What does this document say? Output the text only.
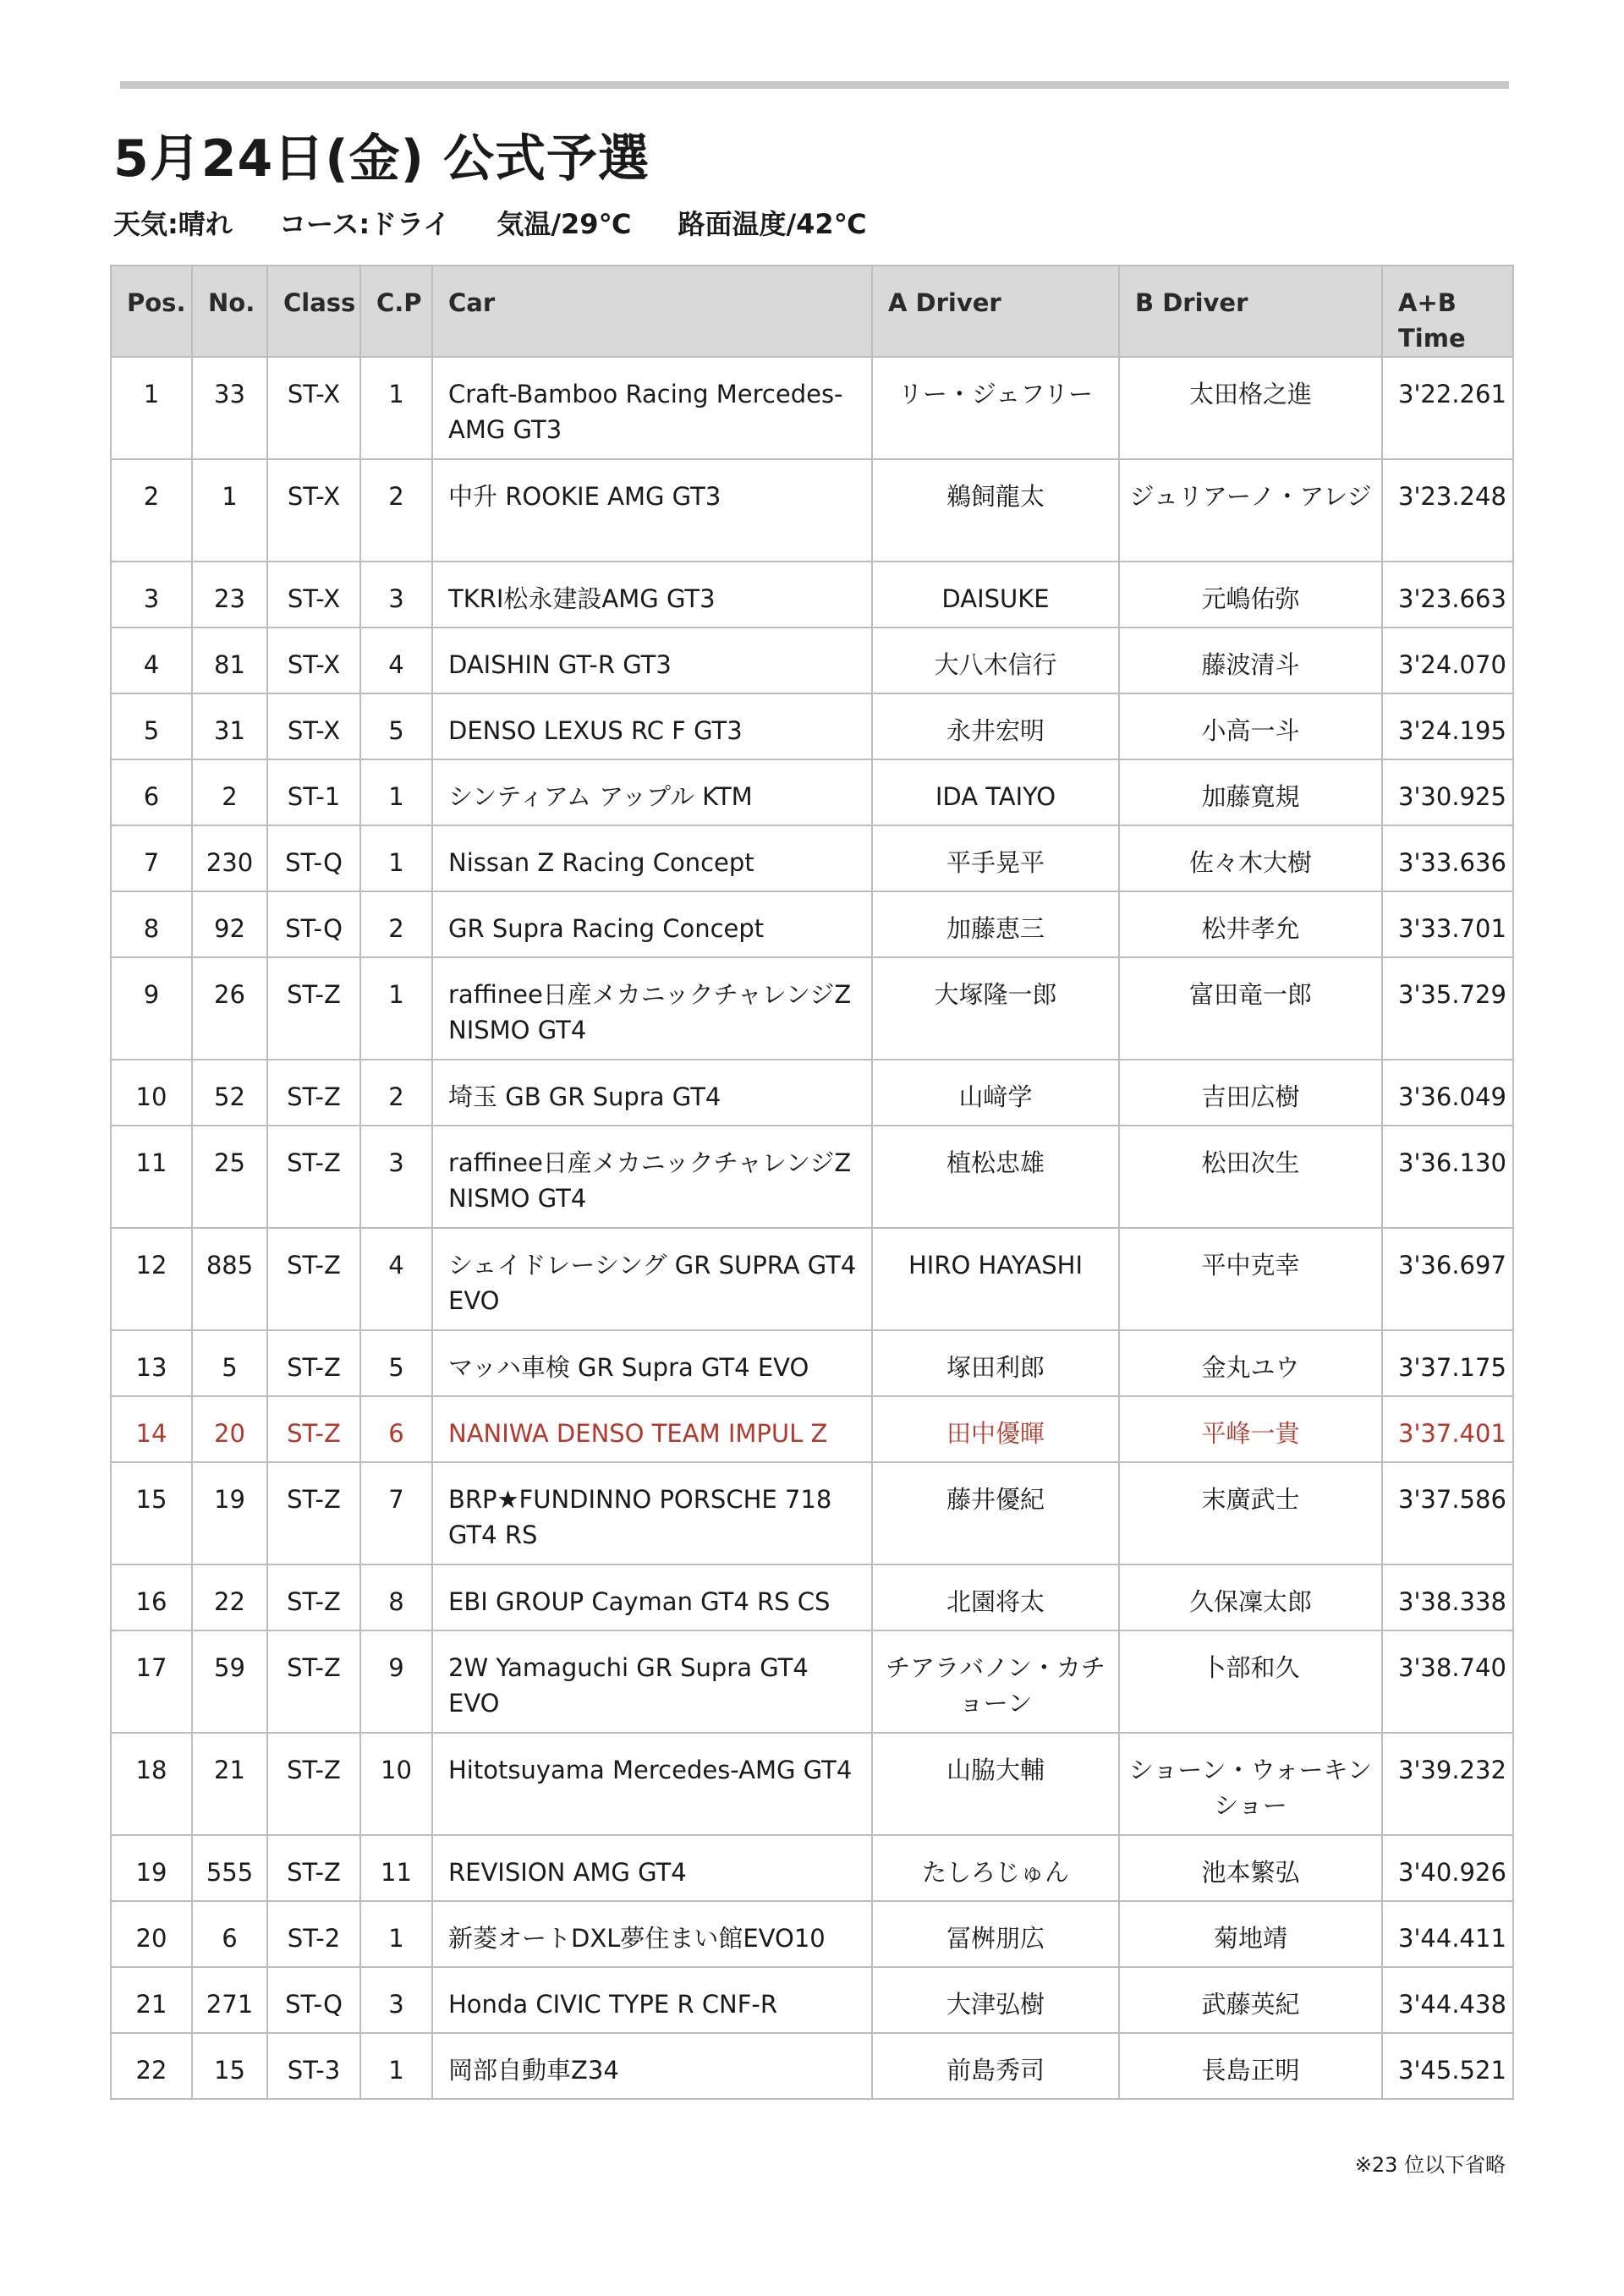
5月24日(金) 公式予選
天気:晴れ コース:ドライ 気温/29℃ 路面温度/42℃
Pos.	No.	Class	C.P	Car	A Driver	B Driver	A+B Time
1	33	ST-X	1	Craft-Bamboo Racing Mercedes-AMG GT3	リー・ジェフリー	太田格之進	3'22.261
2	1	ST-X	2	中升 ROOKIE AMG GT3	鵜飼龍太	ジュリアーノ・アレジ	3'23.248
3	23	ST-X	3	TKRI松永建設AMG GT3	DAISUKE	元嶋佑弥	3'23.663
4	81	ST-X	4	DAISHIN GT-R GT3	大八木信行	藤波清斗	3'24.070
5	31	ST-X	5	DENSO LEXUS RC F GT3	永井宏明	小高一斗	3'24.195
6	2	ST-1	1	シンティアム アップル KTM	IDA TAIYO	加藤寛規	3'30.925
7	230	ST-Q	1	Nissan Z Racing Concept	平手晃平	佐々木大樹	3'33.636
8	92	ST-Q	2	GR Supra Racing Concept	加藤恵三	松井孝允	3'33.701
9	26	ST-Z	1	raffinee日産メカニックチャレンジZ NISMO GT4	大塚隆一郎	富田竜一郎	3'35.729
10	52	ST-Z	2	埼玉 GB GR Supra GT4	山﨑学	吉田広樹	3'36.049
11	25	ST-Z	3	raffinee日産メカニックチャレンジZ NISMO GT4	植松忠雄	松田次生	3'36.130
12	885	ST-Z	4	シェイドレーシング GR SUPRA GT4 EVO	HIRO HAYASHI	平中克幸	3'36.697
13	5	ST-Z	5	マッハ車検 GR Supra GT4 EVO	塚田利郎	金丸ユウ	3'37.175
14	20	ST-Z	6	NANIWA DENSO TEAM IMPUL Z	田中優暉	平峰一貴	3'37.401
15	19	ST-Z	7	BRP★FUNDINNO PORSCHE 718 GT4 RS	藤井優紀	末廣武士	3'37.586
16	22	ST-Z	8	EBI GROUP Cayman GT4 RS CS	北園将太	久保凜太郎	3'38.338
17	59	ST-Z	9	2W Yamaguchi GR Supra GT4 EVO	チアラバノン・カチョーン	卜部和久	3'38.740
18	21	ST-Z	10	Hitotsuyama Mercedes-AMG GT4	山脇大輔	ショーン・ウォーキンショー	3'39.232
19	555	ST-Z	11	REVISION AMG GT4	たしろじゅん	池本繁弘	3'40.926
20	6	ST-2	1	新菱オートDXL夢住まい館EVO10	冨桝朋広	菊地靖	3'44.411
21	271	ST-Q	3	Honda CIVIC TYPE R CNF-R	大津弘樹	武藤英紀	3'44.438
22	15	ST-3	1	岡部自動車Z34	前島秀司	長島正明	3'45.521
※23 位以下省略
